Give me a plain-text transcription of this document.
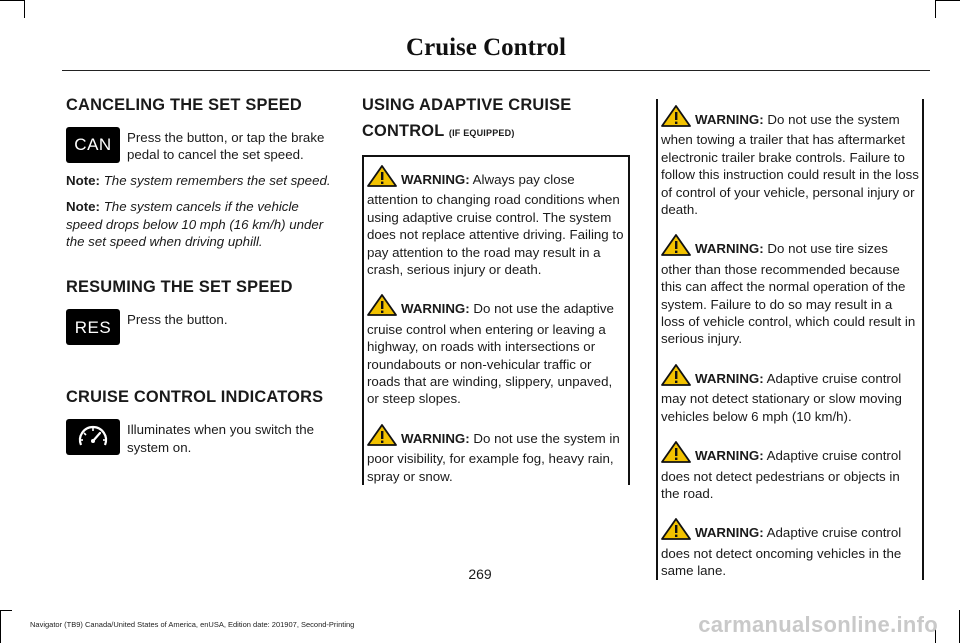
Cruise Control
CANCELING THE SET SPEED
CAN	Press the button, or tap the brake pedal to cancel the set speed.

Note: The system remembers the set speed.

Note: The system cancels if the vehicle speed drops below 10 mph (16 km/h) under the set speed when driving uphill.

RESUMING THE SET SPEED
RES	Press the button.
CRUISE CONTROL INDICATORS
Illuminates when you switch the system on.
USING ADAPTIVE CRUISE
CONTROL (IF EQUIPPED)

WARNING: Always pay close attention to changing road conditions when using adaptive cruise control. The system does not replace attentive driving. Failing to pay attention to the road may result in a crash, serious injury or death.

WARNING: Do not use the adaptive cruise control when entering or leaving a highway, on roads with intersections or roundabouts or non-vehicular traffic or roads that are winding, slippery, unpaved, or steep slopes.

WARNING: Do not use the system in poor visibility, for example fog, heavy rain, spray or snow.

WARNING: Do not use the system when towing a trailer that has aftermarket electronic trailer brake controls. Failure to follow this instruction could result in the loss of control of your vehicle, personal injury or death.

WARNING: Do not use tire sizes other than those recommended because this can affect the normal operation of the system. Failure to do so may result in a loss of vehicle control, which could result in serious injury.

WARNING: Adaptive cruise control may not detect stationary or slow moving vehicles below 6 mph (10 km/h).

WARNING: Adaptive cruise control does not detect pedestrians or objects in the road.

WARNING: Adaptive cruise control does not detect oncoming vehicles in the same lane.

269
Navigator (TB9) Canada/United States of America, enUSA, Edition date: 201907, Second-Printing	carmanualsonline.info
